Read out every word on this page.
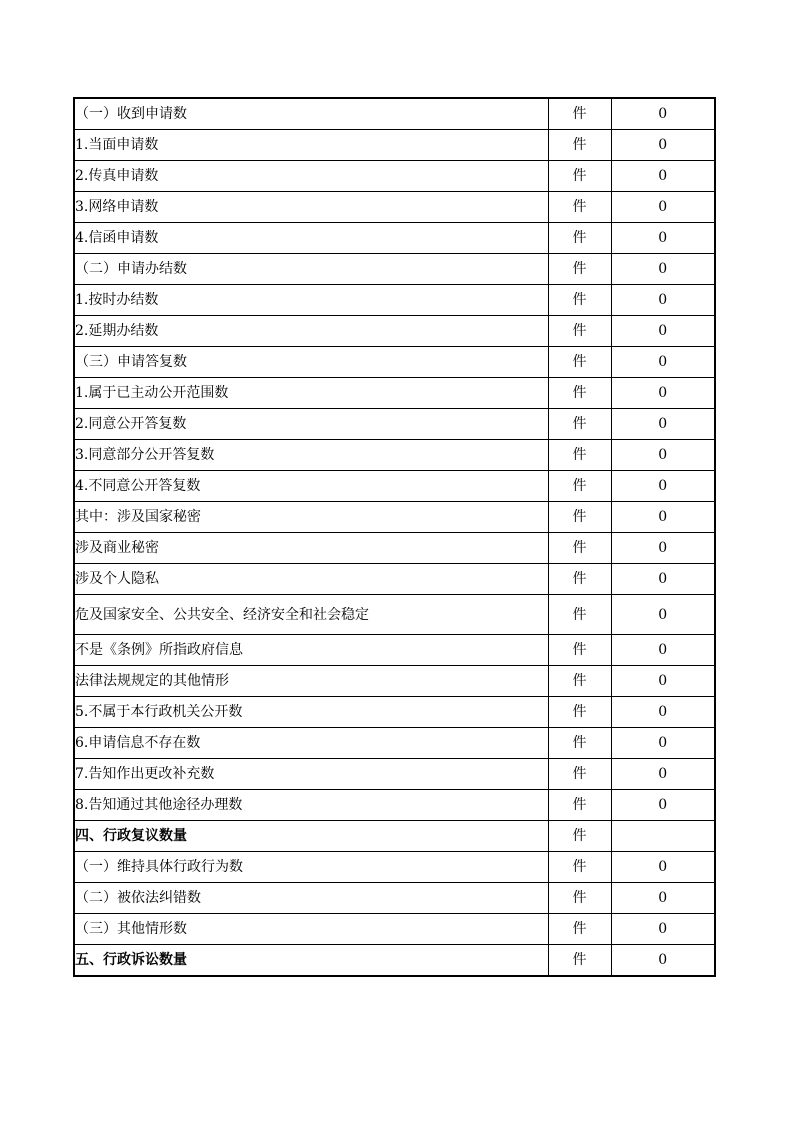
（一）收到申请数	件	0
1.当面申请数	件	0
2.传真申请数	件	0
3.网络申请数	件	0
4.信函申请数	件	0
（二）申请办结数	件	0
1.按时办结数	件	0
2.延期办结数	件	0
（三）申请答复数	件	0
1.属于已主动公开范围数	件	0
2.同意公开答复数	件	0
3.同意部分公开答复数	件	0
4.不同意公开答复数	件	0
其中：涉及国家秘密	件	0
涉及商业秘密	件	0
涉及个人隐私	件	0
危及国家安全、公共安全、经济安全和社会稳定	件	0
不是《条例》所指政府信息	件	0
法律法规规定的其他情形	件	0
5.不属于本行政机关公开数	件	0
6.申请信息不存在数	件	0
7.告知作出更改补充数	件	0
8.告知通过其他途径办理数	件	0
四、行政复议数量	件	
（一）维持具体行政行为数	件	0
（二）被依法纠错数	件	0
（三）其他情形数	件	0
五、行政诉讼数量	件	0
